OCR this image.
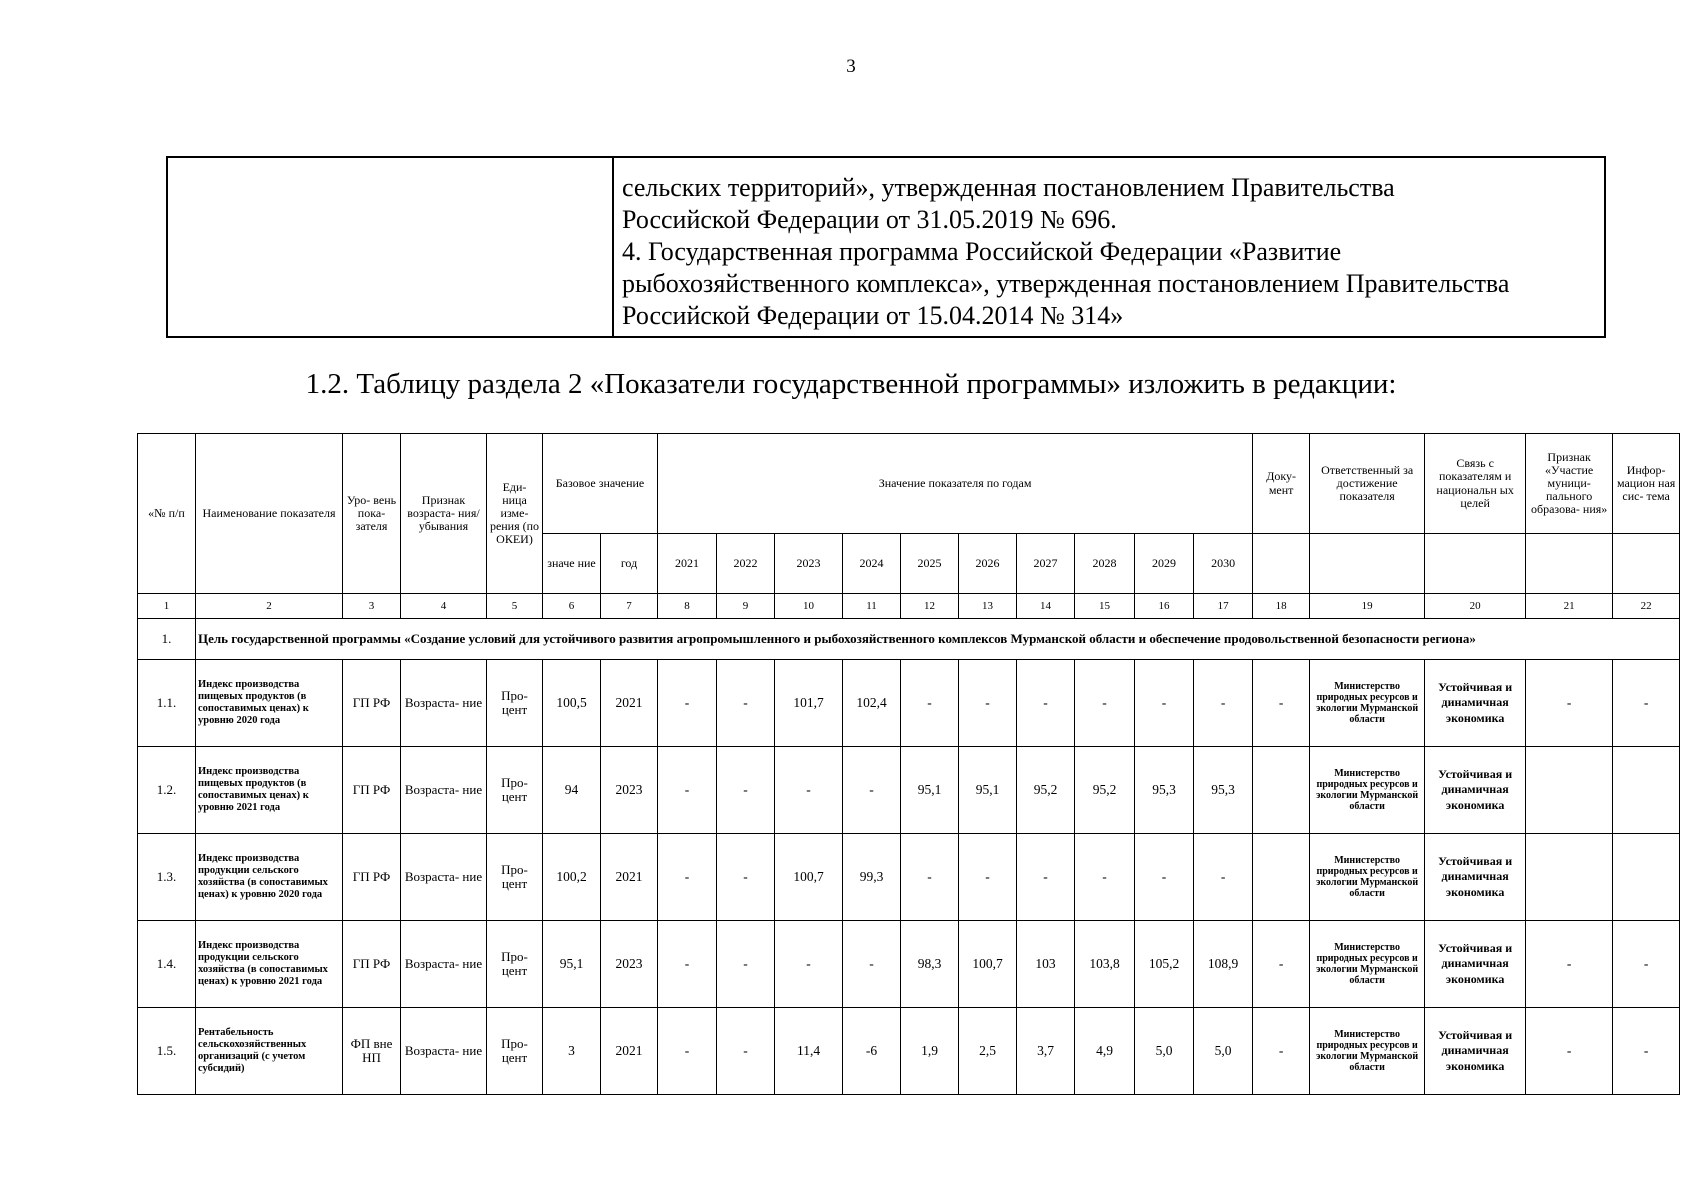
3
сельских территорий», утвержденная постановлением Правительства
Российской Федерации от 31.05.2019 № 696.
4. Государственная программа Российской Федерации «Развитие
рыбохозяйственного комплекса», утвержденная постановлением Правительства
Российской Федерации от 15.04.2014 № 314»
1.2. Таблицу раздела 2 «Показатели государственной программы» изложить в редакции:
«№ п/п	Наименование показателя	Уро- вень пока- зателя	Признак возраста- ния/ убывания	Еди- ница изме- рения (по ОКЕИ)	Базовое значение		Значение показателя по годам										Доку- мент	Ответственный за достижение показателя	Связь с показателям и национальн ых целей	Признак «Участие муници- пального образова- ния»	Инфор- мацион ная сис- тема
					значе ние	год	2021	2022	2023	2024	2025	2026	2027	2028	2029	2030					
1	2	3	4	5	6	7	8	9	10	11	12	13	14	15	16	17	18	19	20	21	22
1.	Цель государственной программы «Создание условий для устойчивого развития агропромышленного и рыбохозяйственного комплексов Мурманской области и обеспечение продовольственной безопасности региона»																				
1.1.	Индекс производства пищевых продуктов (в сопоставимых ценах) к уровню 2020 года	ГП РФ	Возраста- ние	Про- цент	100,5	2021	-	-	101,7	102,4	-	-	-	-	-	-	-	Министерство природных ресурсов и экологии Мурманской области	Устойчивая и динамичная экономика	-	-
1.2.	Индекс производства пищевых продуктов (в сопоставимых ценах) к уровню 2021 года	ГП РФ	Возраста- ние	Про- цент	94	2023	-	-	-	-	95,1	95,1	95,2	95,2	95,3	95,3		Министерство природных ресурсов и экологии Мурманской области	Устойчивая и динамичная экономика		
1.3.	Индекс производства продукции сельского хозяйства (в сопоставимых ценах) к уровню 2020 года	ГП РФ	Возраста- ние	Про- цент	100,2	2021	-	-	100,7	99,3	-	-	-	-	-	-		Министерство природных ресурсов и экологии Мурманской области	Устойчивая и динамичная экономика		
1.4.	Индекс производства продукции сельского хозяйства (в сопоставимых ценах) к уровню 2021 года	ГП РФ	Возраста- ние	Про- цент	95,1	2023	-	-	-	-	98,3	100,7	103	103,8	105,2	108,9	-	Министерство природных ресурсов и экологии Мурманской области	Устойчивая и динамичная экономика	-	-
1.5.	Рентабельность сельскохозяйственных организаций (с учетом субсидий)	ФП вне НП	Возраста- ние	Про- цент	3	2021	-	-	11,4	-6	1,9	2,5	3,7	4,9	5,0	5,0	-	Министерство природных ресурсов и экологии Мурманской области	Устойчивая и динамичная экономика	-	-
